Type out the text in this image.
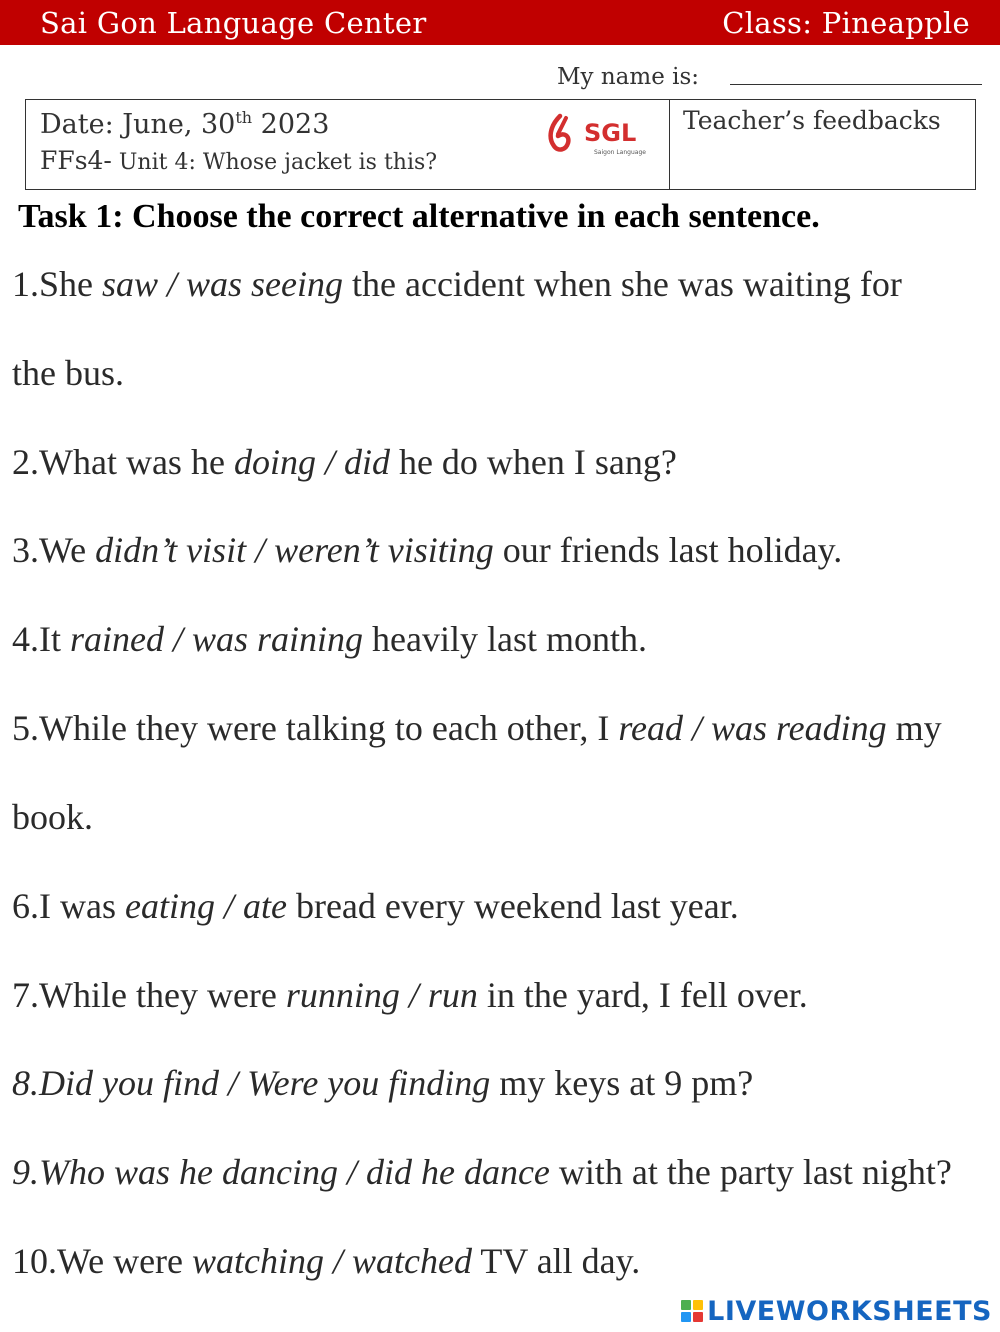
Sai Gon Language Center	Class: Pineapple
My name is:
Date: June, 30th 2023
FFs4- Unit 4: Whose jacket is this?
SGL
Saigon Language
Teacher’s feedbacks
Task 1: Choose the correct alternative in each sentence.
1.She saw / was seeing the accident when she was waiting for
the bus.
2.What was he doing / did he do when I sang?
3.We didn’t visit / weren’t visiting our friends last holiday.
4.It rained / was raining heavily last month.
5.While they were talking to each other, I read / was reading my
book.
6.I was eating / ate bread every weekend last year.
7.While they were running / run in the yard, I fell over.
8.Did you find / Were you finding my keys at 9 pm?
9.Who was he dancing / did he dance with at the party last night?
10.We were watching / watched TV all day.
LIVEWORKSHEETS
